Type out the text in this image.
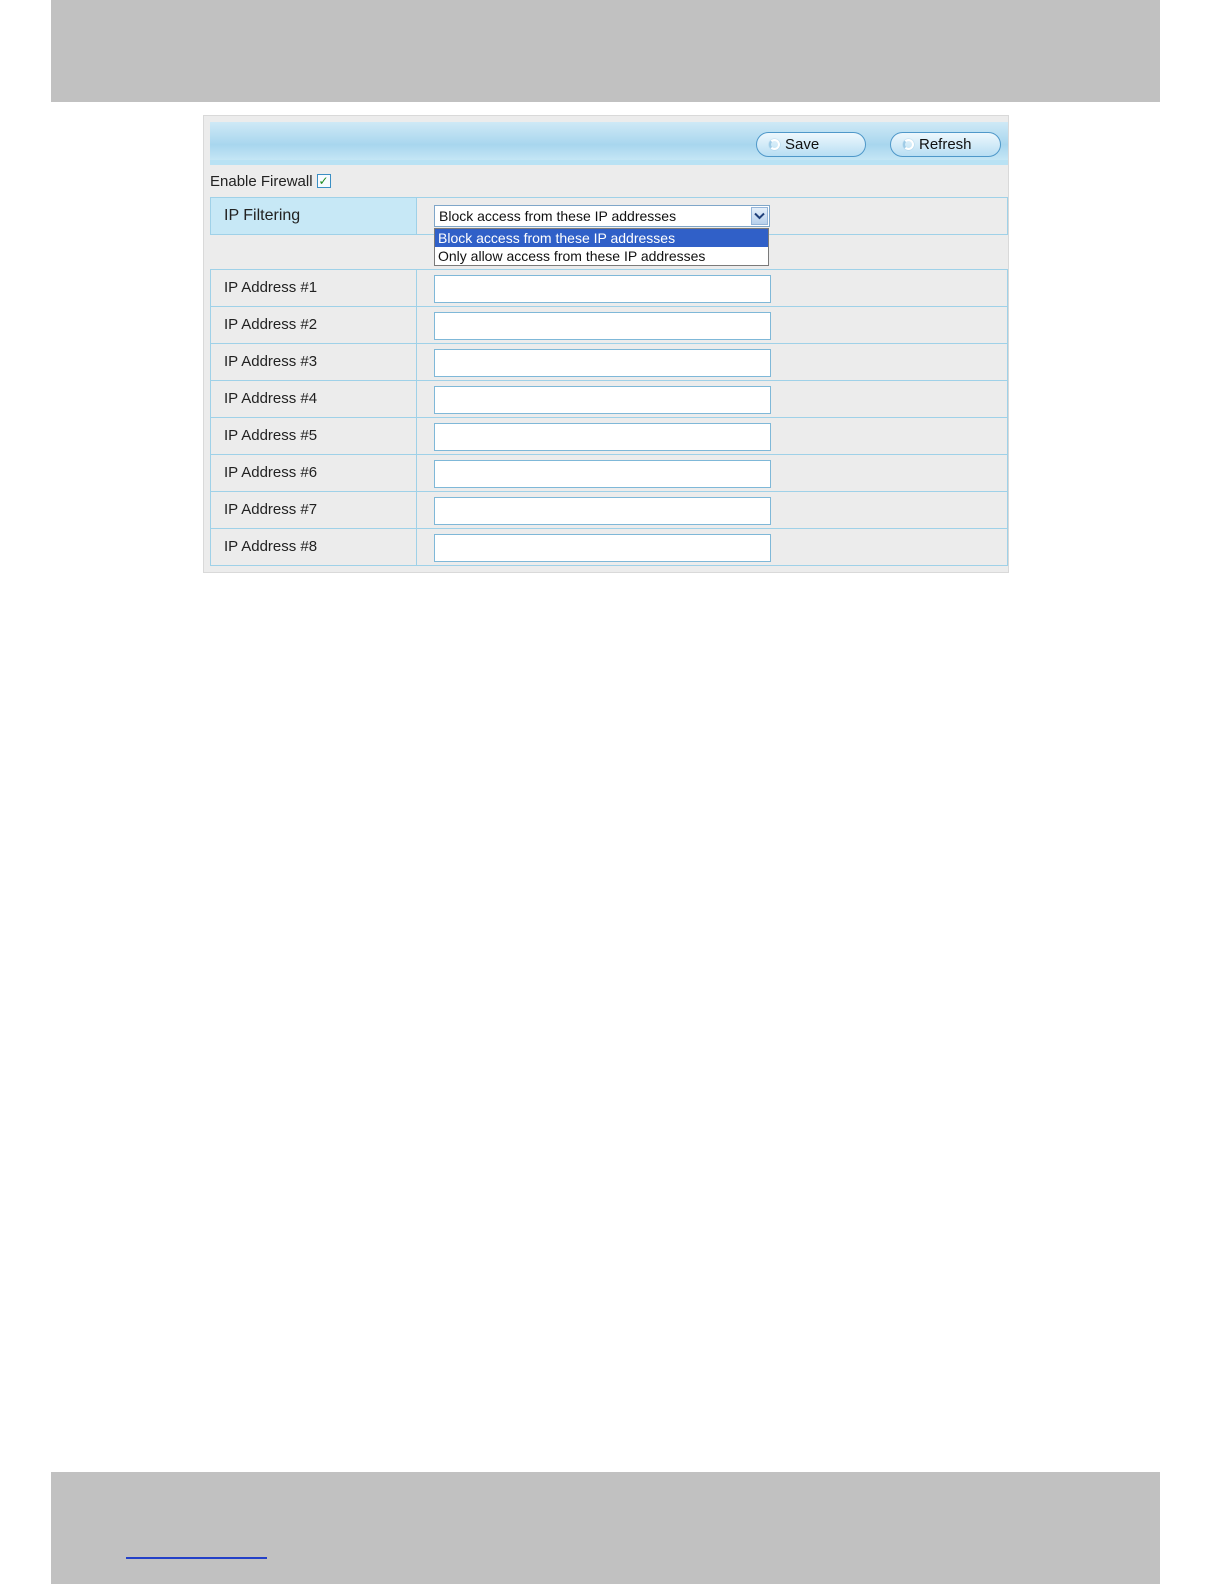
Save	Refresh
Enable Firewall ✓
IP Filtering	Block access from these IP addresses
IP Address #1
IP Address #2
IP Address #3
IP Address #4
IP Address #5
IP Address #6
IP Address #7
IP Address #8
Block access from these IP addresses
Only allow access from these IP addresses
